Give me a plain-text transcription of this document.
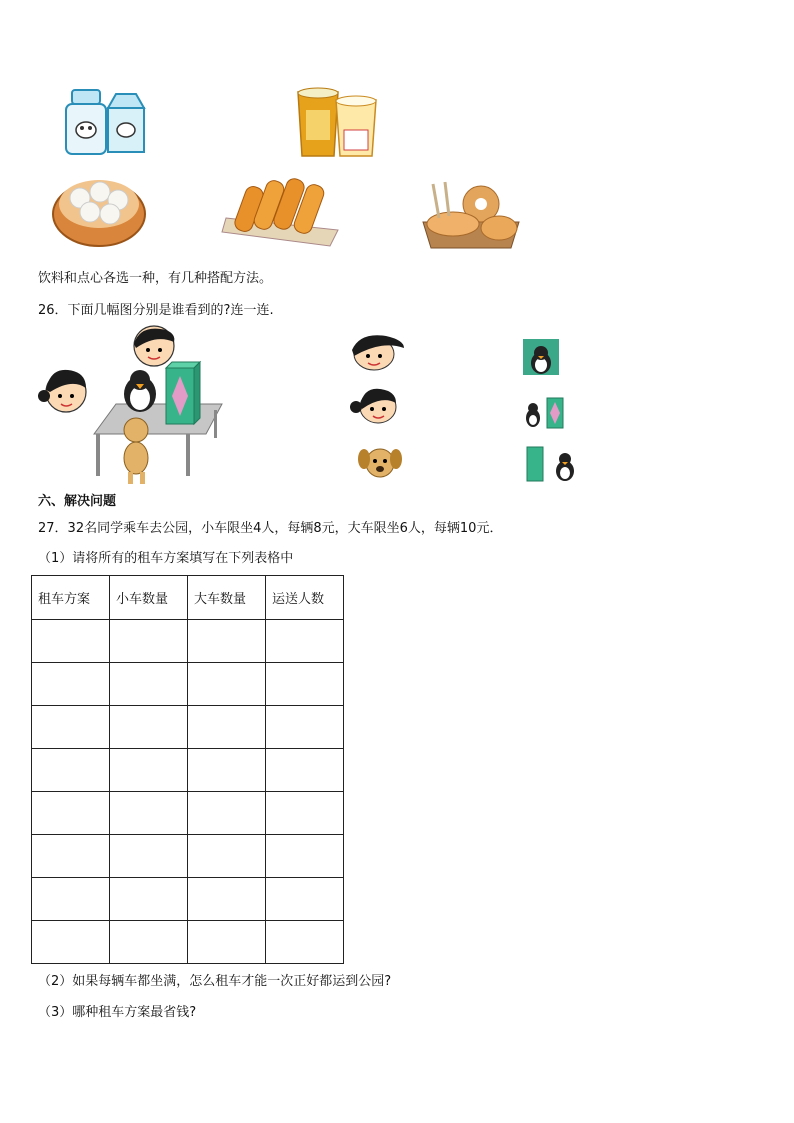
饮料和点心各选一种，有几种搭配方法。
26．下面几幅图分别是谁看到的?连一连.
六、解决问题
27．32名同学乘车去公园，小车限坐4人，每辆8元，大车限坐6人，每辆10元．
（1）请将所有的租车方案填写在下列表格中
租车方案	小车数量	大车数量	运送人数

（2）如果每辆车都坐满，怎么租车才能一次正好都运到公园?
（3）哪种租车方案最省钱?
